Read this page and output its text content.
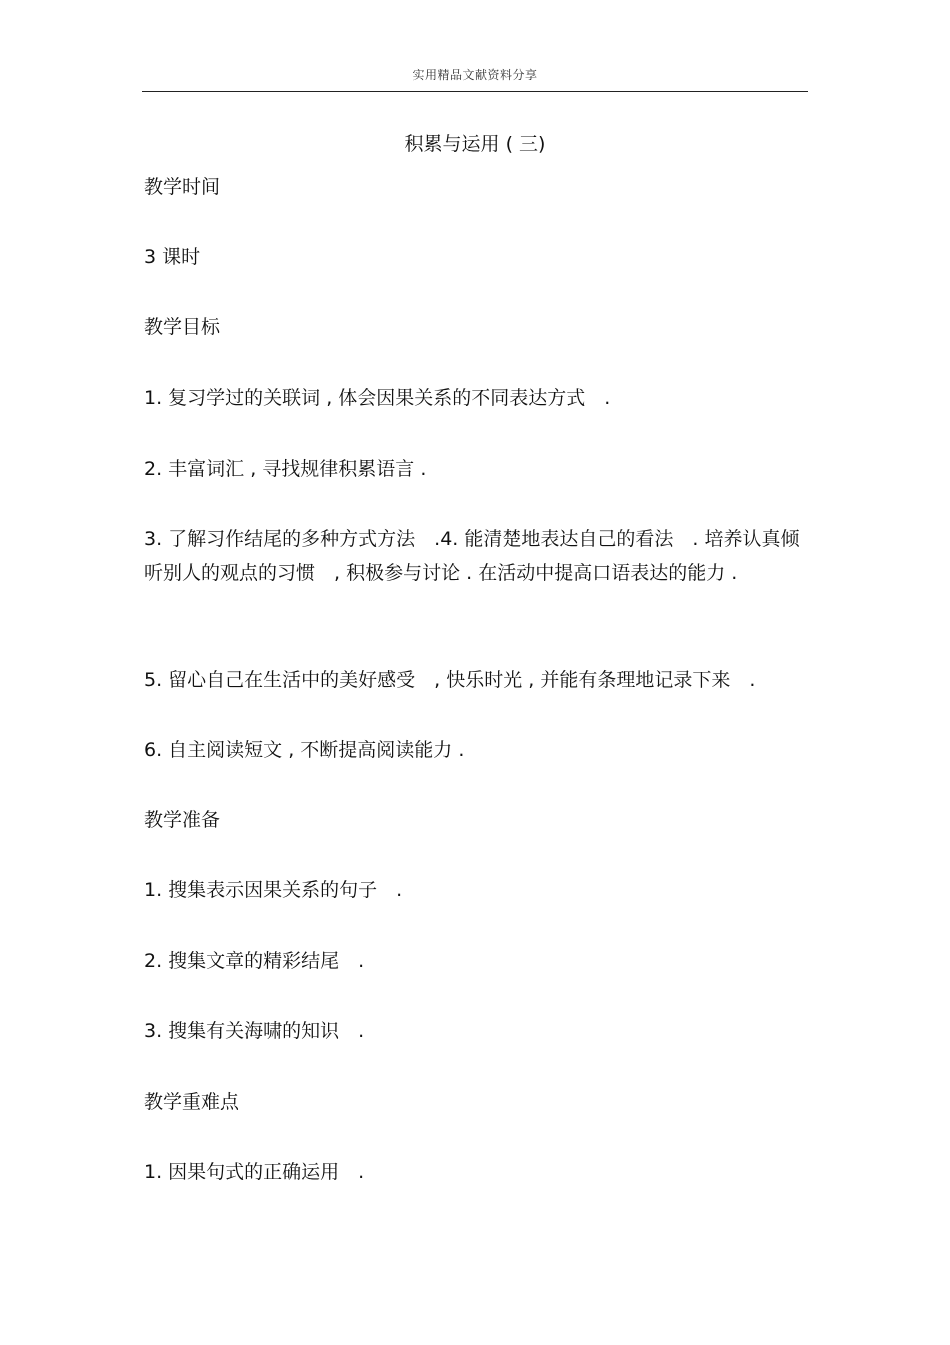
实用精品文献资料分享
积累与运用 ( 三)
教学时间
3 课时
教学目标
1. 复习学过的关联词 , 体会因果关系的不同表达方式　.
2. 丰富词汇 , 寻找规律积累语言 .
3. 了解习作结尾的多种方式方法　.4. 能清楚地表达自己的看法　. 培养认真倾听别人的观点的习惯　, 积极参与讨论 . 在活动中提高口语表达的能力 .
5. 留心自己在生活中的美好感受　, 快乐时光 , 并能有条理地记录下来　.
6. 自主阅读短文 , 不断提高阅读能力 .
教学准备
1. 搜集表示因果关系的句子　.
2. 搜集文章的精彩结尾　.
3. 搜集有关海啸的知识　.
教学重难点
1. 因果句式的正确运用　.
